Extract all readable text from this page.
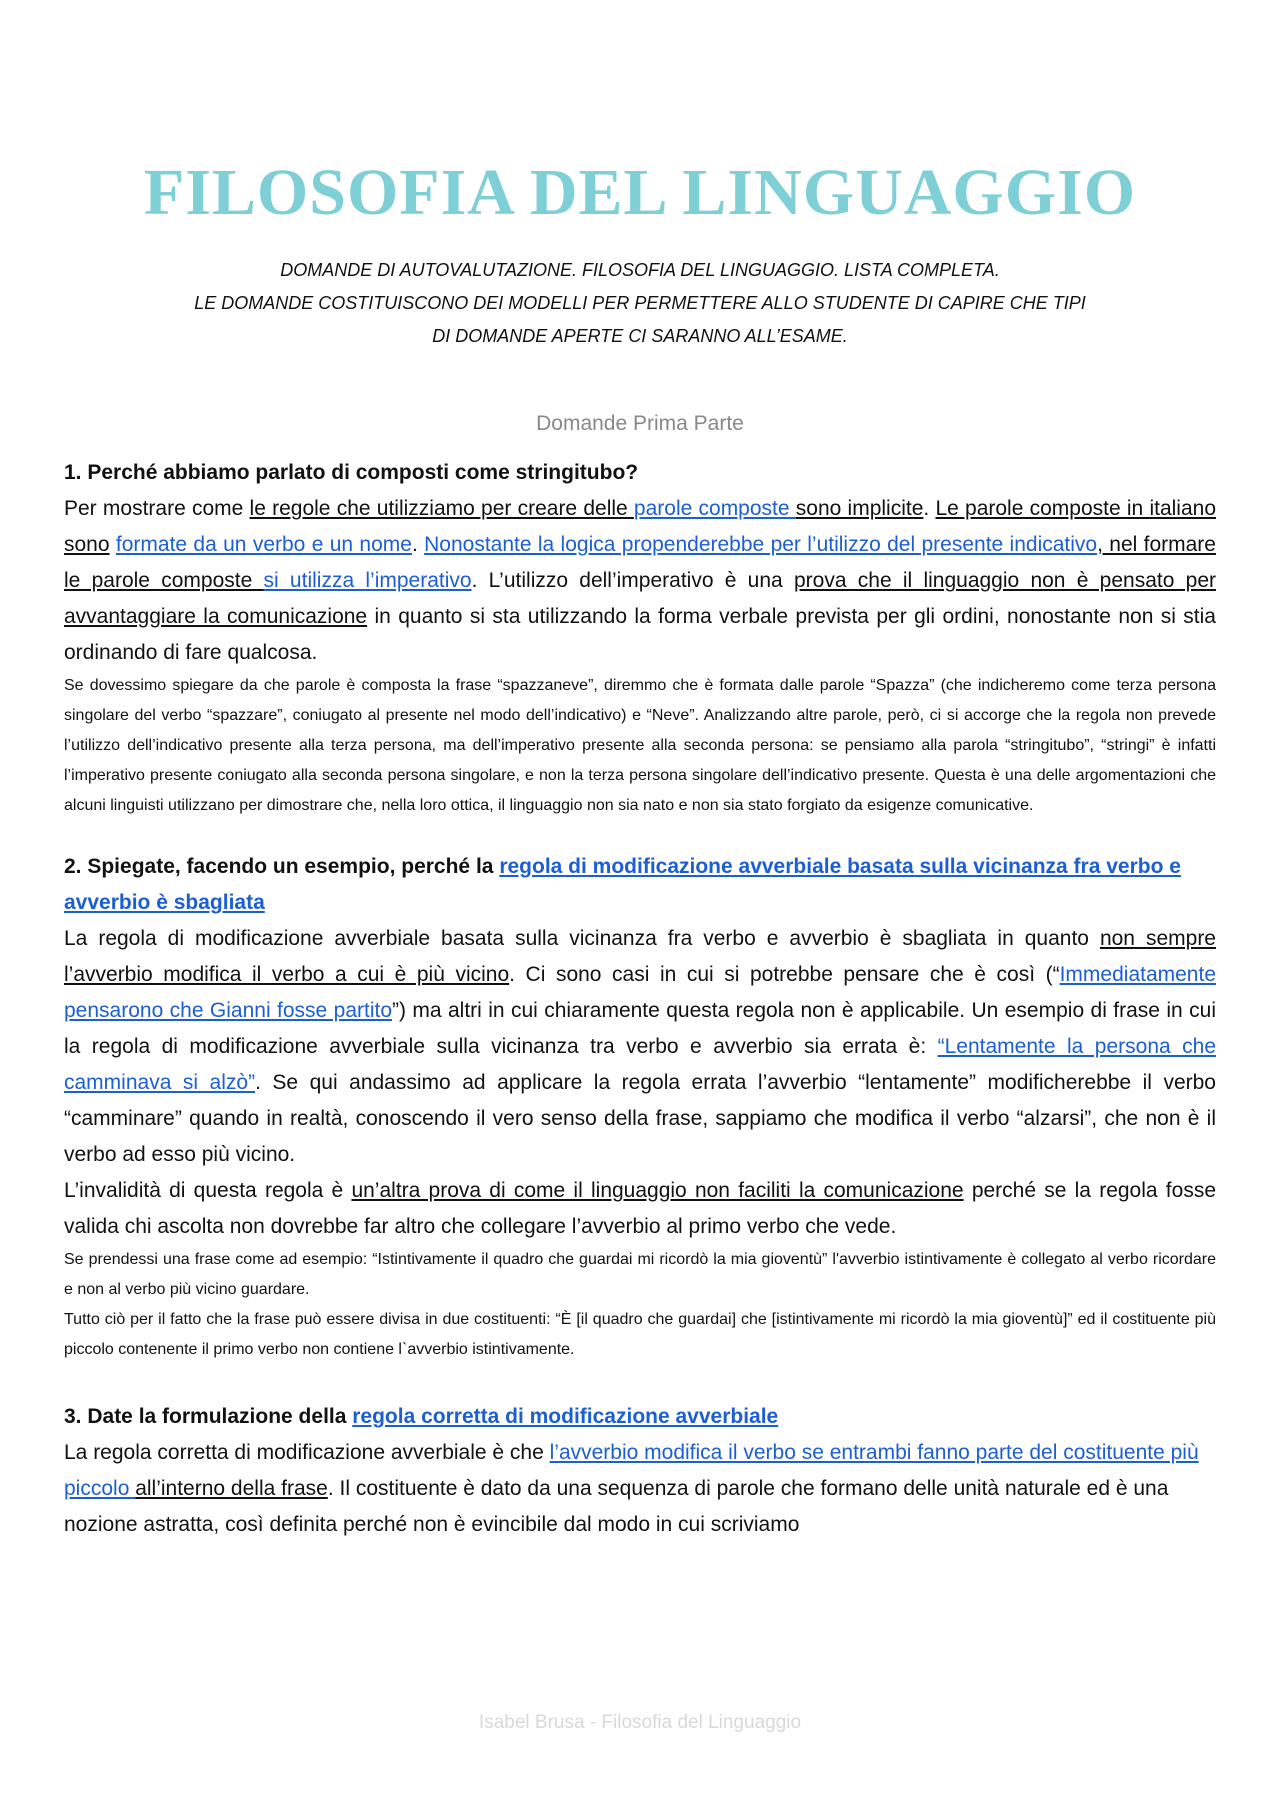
FILOSOFIA DEL LINGUAGGIO
DOMANDE DI AUTOVALUTAZIONE. FILOSOFIA DEL LINGUAGGIO. LISTA COMPLETA.
LE DOMANDE COSTITUISCONO DEI MODELLI PER PERMETTERE ALLO STUDENTE DI CAPIRE CHE TIPI
DI DOMANDE APERTE CI SARANNO ALL’ESAME.
Domande Prima Parte

1. Perché abbiamo parlato di composti come stringitubo?

Per mostrare come le regole che utilizziamo per creare delle parole composte sono implicite. Le parole composte in italiano sono formate da un verbo e un nome. Nonostante la logica propenderebbe per l’utilizzo del presente indicativo, nel formare le parole composte si utilizza l’imperativo. L’utilizzo dell’imperativo è una prova che il linguaggio non è pensato per avvantaggiare la comunicazione in quanto si sta utilizzando la forma verbale prevista per gli ordini, nonostante non si stia ordinando di fare qualcosa.

Se dovessimo spiegare da che parole è composta la frase “spazzaneve”, diremmo che è formata dalle parole “Spazza” (che indicheremo come terza persona singolare del verbo “spazzare”, coniugato al presente nel modo dell’indicativo) e “Neve”. Analizzando altre parole, però, ci si accorge che la regola non prevede l’utilizzo dell’indicativo presente alla terza persona, ma dell’imperativo presente alla seconda persona: se pensiamo alla parola “stringitubo”, “stringi” è infatti l’imperativo presente coniugato alla seconda persona singolare, e non la terza persona singolare dell’indicativo presente. Questa è una delle argomentazioni che alcuni linguisti utilizzano per dimostrare che, nella loro ottica, il linguaggio non sia nato e non sia stato forgiato da esigenze comunicative.

2. Spiegate, facendo un esempio, perché la regola di modificazione avverbiale basata sulla vicinanza fra verbo e avverbio è sbagliata

La regola di modificazione avverbiale basata sulla vicinanza fra verbo e avverbio è sbagliata in quanto non sempre l’avverbio modifica il verbo a cui è più vicino. Ci sono casi in cui si potrebbe pensare che è così (“Immediatamente pensarono che Gianni fosse partito”) ma altri in cui chiaramente questa regola non è applicabile. Un esempio di frase in cui la regola di modificazione avverbiale sulla vicinanza tra verbo e avverbio sia errata è: “Lentamente la persona che camminava si alzò”. Se qui andassimo ad applicare la regola errata l’avverbio “lentamente” modificherebbe il verbo “camminare” quando in realtà, conoscendo il vero senso della frase, sappiamo che modifica il verbo “alzarsi”, che non è il verbo ad esso più vicino.

L’invalidità di questa regola è un’altra prova di come il linguaggio non faciliti la comunicazione perché se la regola fosse valida chi ascolta non dovrebbe far altro che collegare l’avverbio al primo verbo che vede.

Se prendessi una frase come ad esempio: “Istintivamente il quadro che guardai mi ricordò la mia gioventù” l'avverbio istintivamente è collegato al verbo ricordare e non al verbo più vicino guardare.

Tutto ciò per il fatto che la frase può essere divisa in due costituenti: “È [il quadro che guardai] che [istintivamente mi ricordò la mia gioventù]” ed il costituente più piccolo contenente il primo verbo non contiene l`avverbio istintivamente.

3. Date la formulazione della regola corretta di modificazione avverbiale

La regola corretta di modificazione avverbiale è che l’avverbio modifica il verbo se entrambi fanno parte del costituente più piccolo all’interno della frase. Il costituente è dato da una sequenza di parole che formano delle unità naturale ed è una nozione astratta, così definita perché non è evincibile dal modo in cui scriviamo

Isabel Brusa - Filosofia del Linguaggio
